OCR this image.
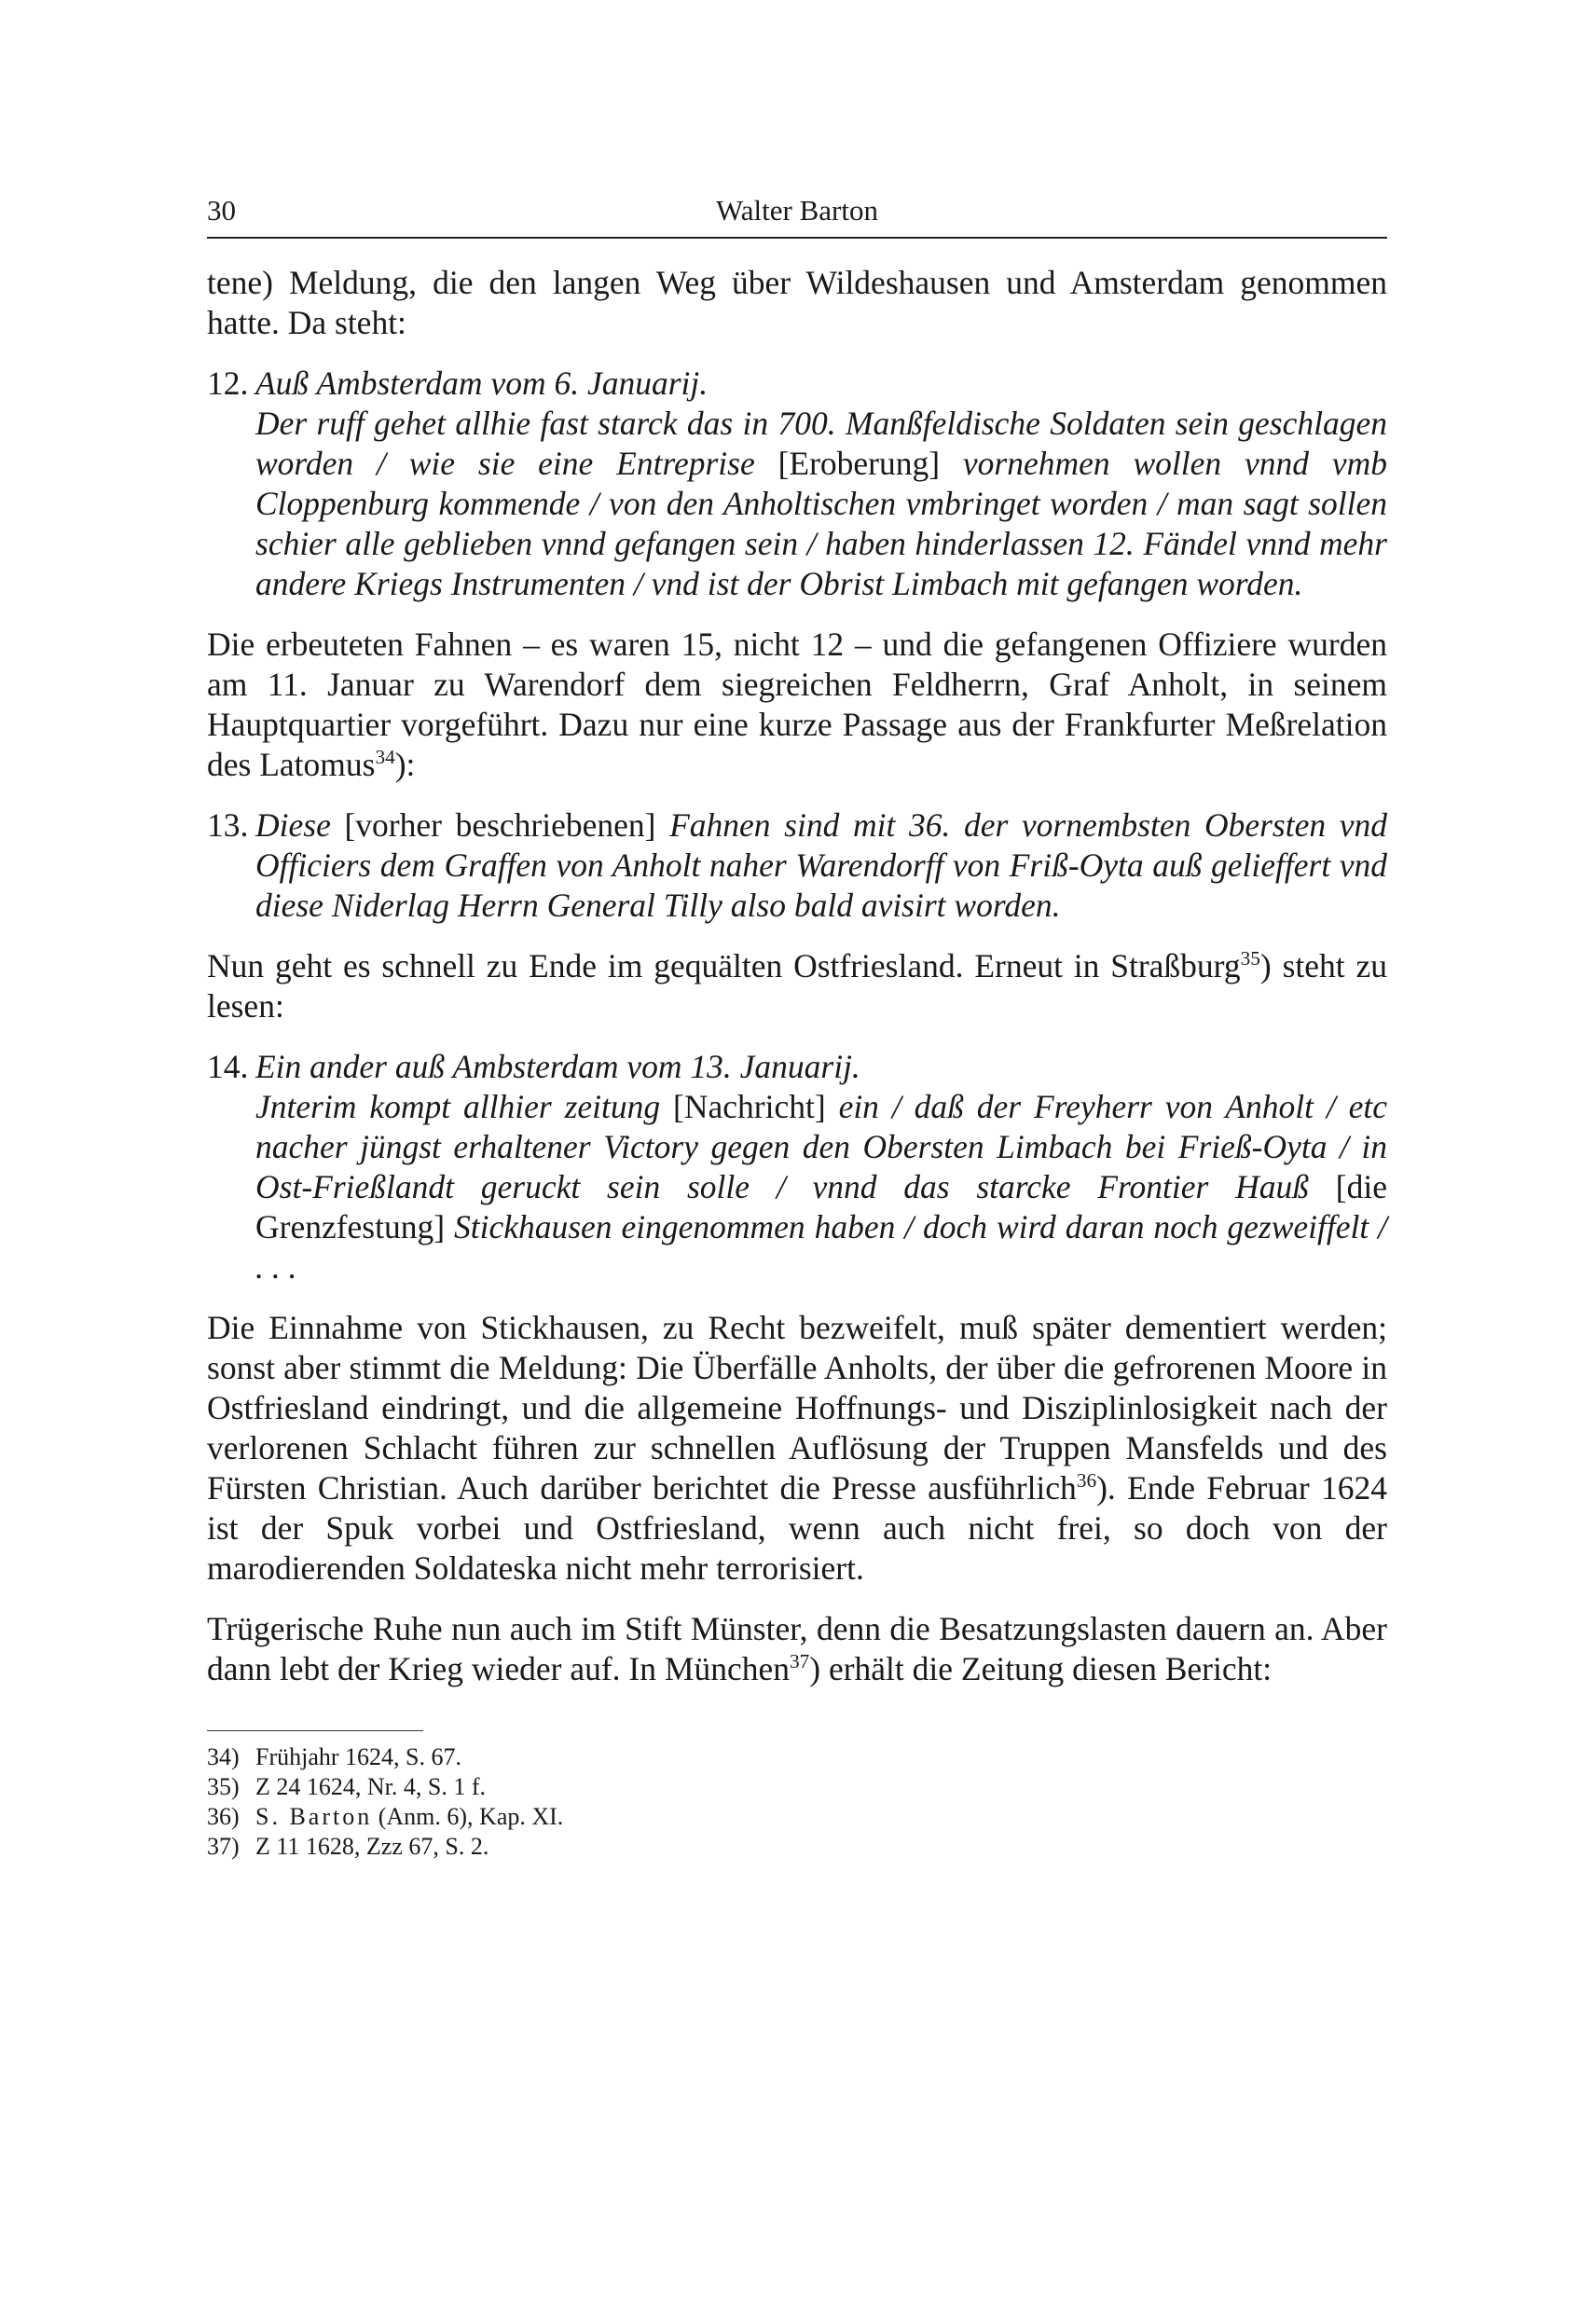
30	Walter Barton

tene) Meldung, die den langen Weg über Wildeshausen und Amsterdam genommen hatte. Da steht:

12. Auß Ambsterdam vom 6. Januarij.

Der ruff gehet allhie fast starck das in 700. Manßfeldische Soldaten sein geschlagen worden / wie sie eine Entreprise [Eroberung] vornehmen wollen vnnd vmb Cloppenburg kommende / von den Anholtischen vmbringet worden / man sagt sollen schier alle geblieben vnnd gefangen sein / haben hinderlassen 12. Fändel vnnd mehr andere Kriegs Instrumenten / vnd ist der Obrist Limbach mit gefangen worden.

Die erbeuteten Fahnen – es waren 15, nicht 12 – und die gefangenen Offiziere wurden am 11. Januar zu Warendorf dem siegreichen Feldherrn, Graf Anholt, in seinem Hauptquartier vorgeführt. Dazu nur eine kurze Passage aus der Frankfurter Meßrelation des Latomus$^{34}$):

13. Diese [vorher beschriebenen] Fahnen sind mit 36. der vornembsten Obersten vnd Officiers dem Graffen von Anholt naher Warendorff von Friß-Oyta auß gelieffert vnd diese Niderlag Herrn General Tilly also bald avisirt worden.

Nun geht es schnell zu Ende im gequälten Ostfriesland. Erneut in Straßburg$^{35}$) steht zu lesen:

14. Ein ander auß Ambsterdam vom 13. Januarij.

Jnterim kompt allhier zeitung [Nachricht] ein / daß der Freyherr von Anholt / etc nacher jüngst erhaltener Victory gegen den Obersten Limbach bei Frieß-Oyta / in Ost-Frießlandt geruckt sein solle / vnnd das starcke Frontier Hauß [die Grenzfestung] Stickhausen eingenommen haben / doch wird daran noch gezweiffelt / . . .

Die Einnahme von Stickhausen, zu Recht bezweifelt, muß später dementiert werden; sonst aber stimmt die Meldung: Die Überfälle Anholts, der über die gefrorenen Moore in Ostfriesland eindringt, und die allgemeine Hoffnungs- und Disziplinlosigkeit nach der verlorenen Schlacht führen zur schnellen Auflösung der Truppen Mansfelds und des Fürsten Christian. Auch darüber berichtet die Presse ausführlich$^{36}$). Ende Februar 1624 ist der Spuk vorbei und Ostfriesland, wenn auch nicht frei, so doch von der marodierenden Soldateska nicht mehr terrorisiert.

Trügerische Ruhe nun auch im Stift Münster, denn die Besatzungslasten dauern an. Aber dann lebt der Krieg wieder auf. In München$^{37}$) erhält die Zeitung diesen Bericht:

34) Frühjahr 1624, S. 67.

35) Z 24 1624, Nr. 4, S. 1 f.

36) S. Barton (Anm. 6), Kap. XI.

37) Z 11 1628, Zzz 67, S. 2.
